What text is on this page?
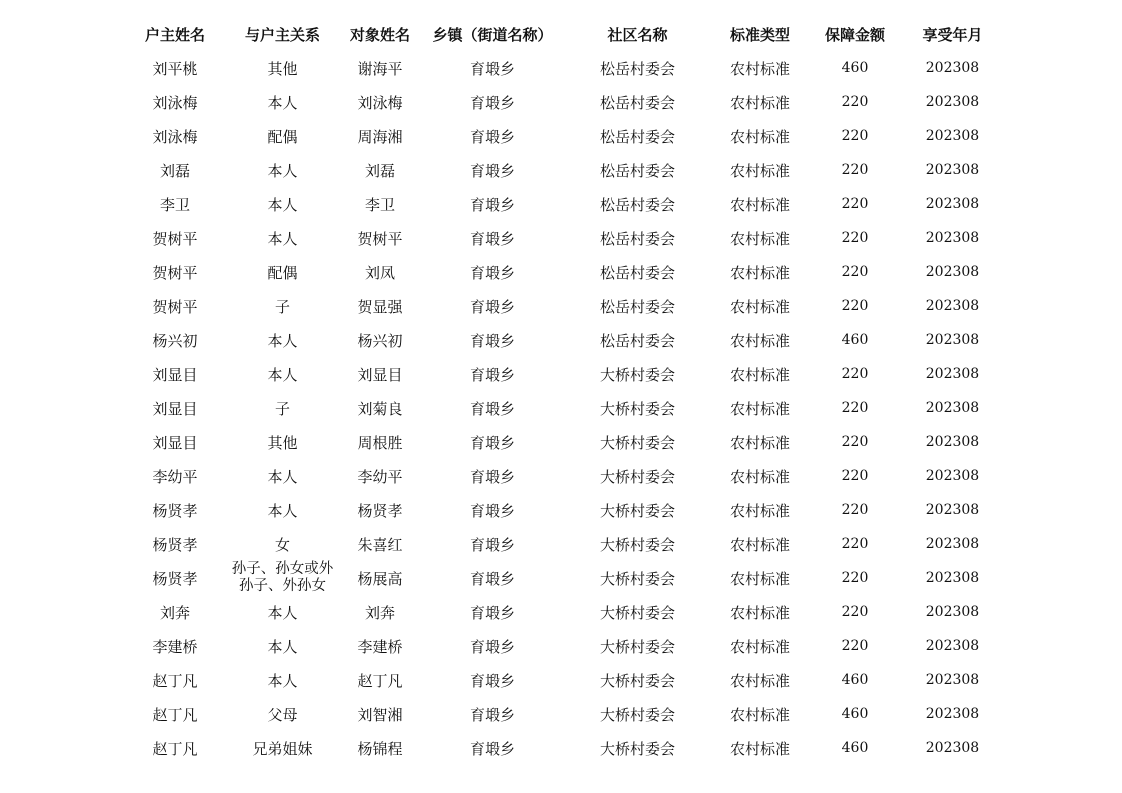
户主姓名	与户主关系	对象姓名	乡镇（街道名称）	社区名称	标准类型	保障金额	享受年月
刘平桃	其他	谢海平	育塅乡	松岳村委会	农村标准	460	202308
刘泳梅	本人	刘泳梅	育塅乡	松岳村委会	农村标准	220	202308
刘泳梅	配偶	周海湘	育塅乡	松岳村委会	农村标准	220	202308
刘磊	本人	刘磊	育塅乡	松岳村委会	农村标准	220	202308
李卫	本人	李卫	育塅乡	松岳村委会	农村标准	220	202308
贺树平	本人	贺树平	育塅乡	松岳村委会	农村标准	220	202308
贺树平	配偶	刘凤	育塅乡	松岳村委会	农村标准	220	202308
贺树平	子	贺显强	育塅乡	松岳村委会	农村标准	220	202308
杨兴初	本人	杨兴初	育塅乡	松岳村委会	农村标准	460	202308
刘显目	本人	刘显目	育塅乡	大桥村委会	农村标准	220	202308
刘显目	子	刘菊良	育塅乡	大桥村委会	农村标准	220	202308
刘显目	其他	周根胜	育塅乡	大桥村委会	农村标准	220	202308
李幼平	本人	李幼平	育塅乡	大桥村委会	农村标准	220	202308
杨贤孝	本人	杨贤孝	育塅乡	大桥村委会	农村标准	220	202308
杨贤孝	女	朱喜红	育塅乡	大桥村委会	农村标准	220	202308
杨贤孝	孙子、孙女或外孙子、外孙女	杨展高	育塅乡	大桥村委会	农村标准	220	202308
刘奔	本人	刘奔	育塅乡	大桥村委会	农村标准	220	202308
李建桥	本人	李建桥	育塅乡	大桥村委会	农村标准	220	202308
赵丁凡	本人	赵丁凡	育塅乡	大桥村委会	农村标准	460	202308
赵丁凡	父母	刘智湘	育塅乡	大桥村委会	农村标准	460	202308
赵丁凡	兄弟姐妹	杨锦程	育塅乡	大桥村委会	农村标准	460	202308
